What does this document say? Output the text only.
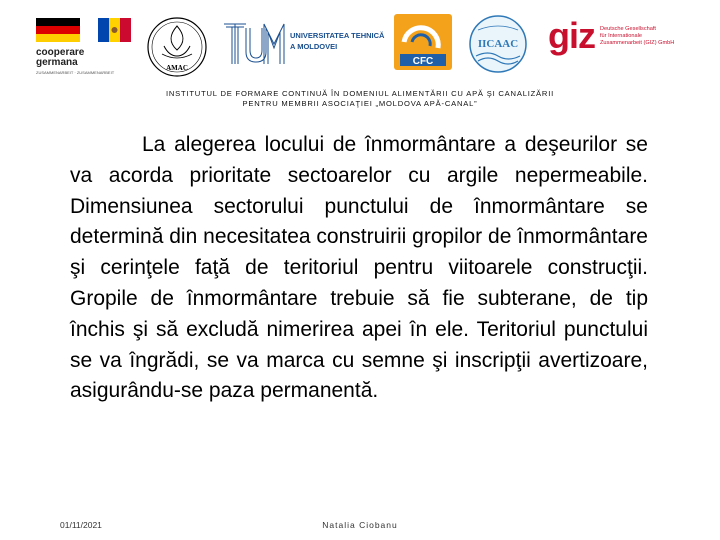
cooperare
germana
ZUSAMMENARBEIT · ZUSAMMENARBEIT
AMAC
UNIVERSITATEA TEHNICĂ
A MOLDOVEI
CFC
IICAAC giz Deutsche Gesellschaft
für Internationale
Zusammenarbeit (GIZ) GmbH
INSTITUTUL DE FORMARE CONTINUĂ ÎN DOMENIUL ALIMENTĂRII CU APĂ ŞI CANALIZĂRII
PENTRU MEMBRII ASOCIAŢIEI „MOLDOVA APĂ-CANAL”

La alegerea locului de înmormântare a deşeurilor se va acorda prioritate sectoarelor cu argile nepermeabile. Dimensiunea sectorului punctului de înmormântare se determină din necesitatea construirii gropilor de înmormântare şi cerinţele faţă de teritoriul pentru viitoarele construcţii. Gropile de înmormântare trebuie să fie subterane, de tip închis şi să excludă nimerirea apei în ele. Teritoriul punctului se va îngrădi, se va marca cu semne şi inscripţii avertizoare, asigurându-se paza permanentă.

01/11/2021	Natalia Ciobanu
